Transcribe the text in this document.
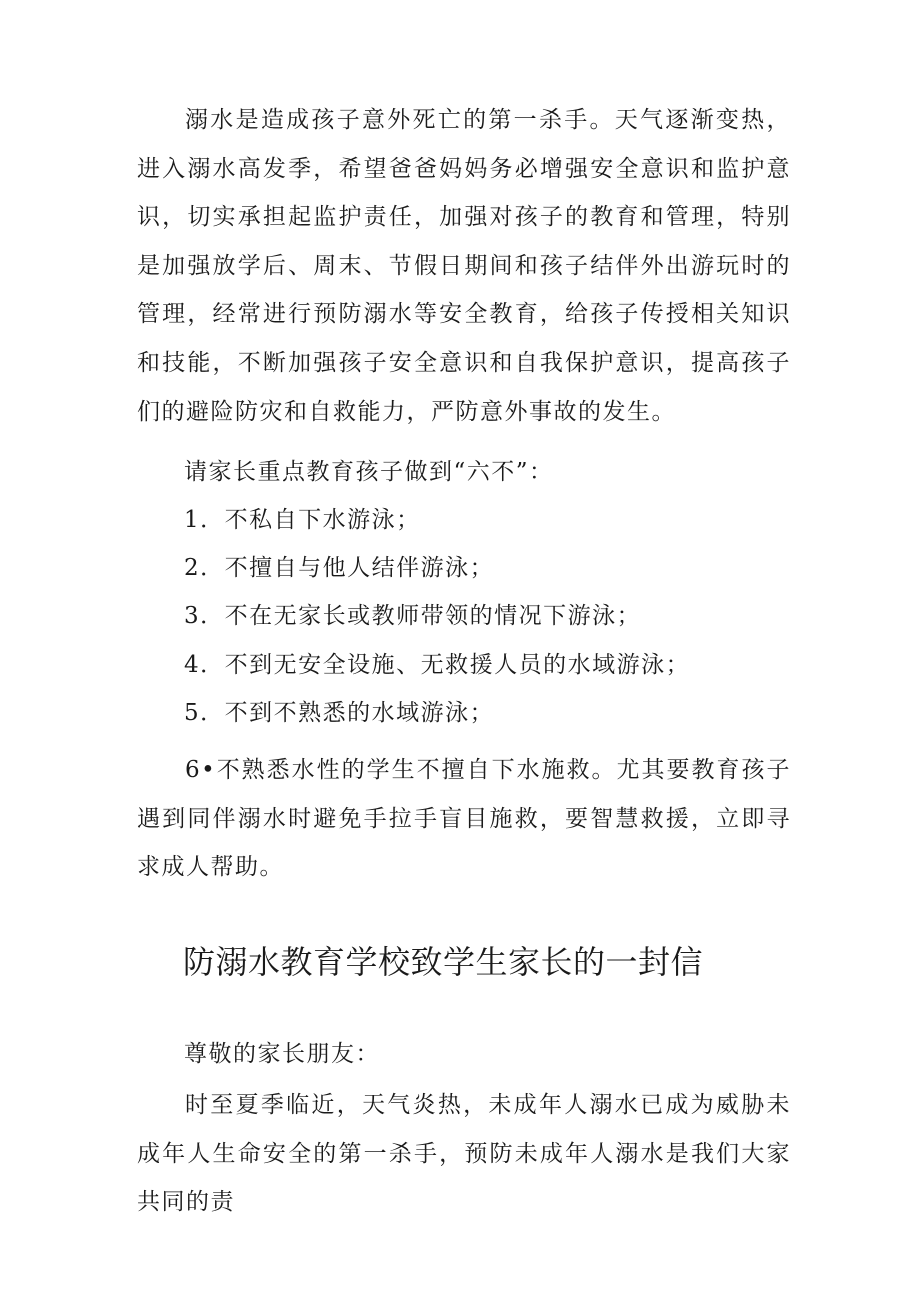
溺水是造成孩子意外死亡的第一杀手。天气逐渐变热，进入溺水高发季，希望爸爸妈妈务必增强安全意识和监护意识，切实承担起监护责任，加强对孩子的教育和管理，特别是加强放学后、周末、节假日期间和孩子结伴外出游玩时的管理，经常进行预防溺水等安全教育，给孩子传授相关知识和技能，不断加强孩子安全意识和自我保护意识，提高孩子们的避险防灾和自救能力，严防意外事故的发生。

请家长重点教育孩子做到“六不”：
1．不私自下水游泳；
2．不擅自与他人结伴游泳；
3．不在无家长或教师带领的情况下游泳；
4．不到无安全设施、无救援人员的水域游泳；
5．不到不熟悉的水域游泳；

6•不熟悉水性的学生不擅自下水施救。尤其要教育孩子遇到同伴溺水时避免手拉手盲目施救，要智慧救援，立即寻求成人帮助。

防溺水教育学校致学生家长的一封信
尊敬的家长朋友：

时至夏季临近，天气炎热，未成年人溺水已成为威胁未成年人生命安全的第一杀手，预防未成年人溺水是我们大家共同的责
